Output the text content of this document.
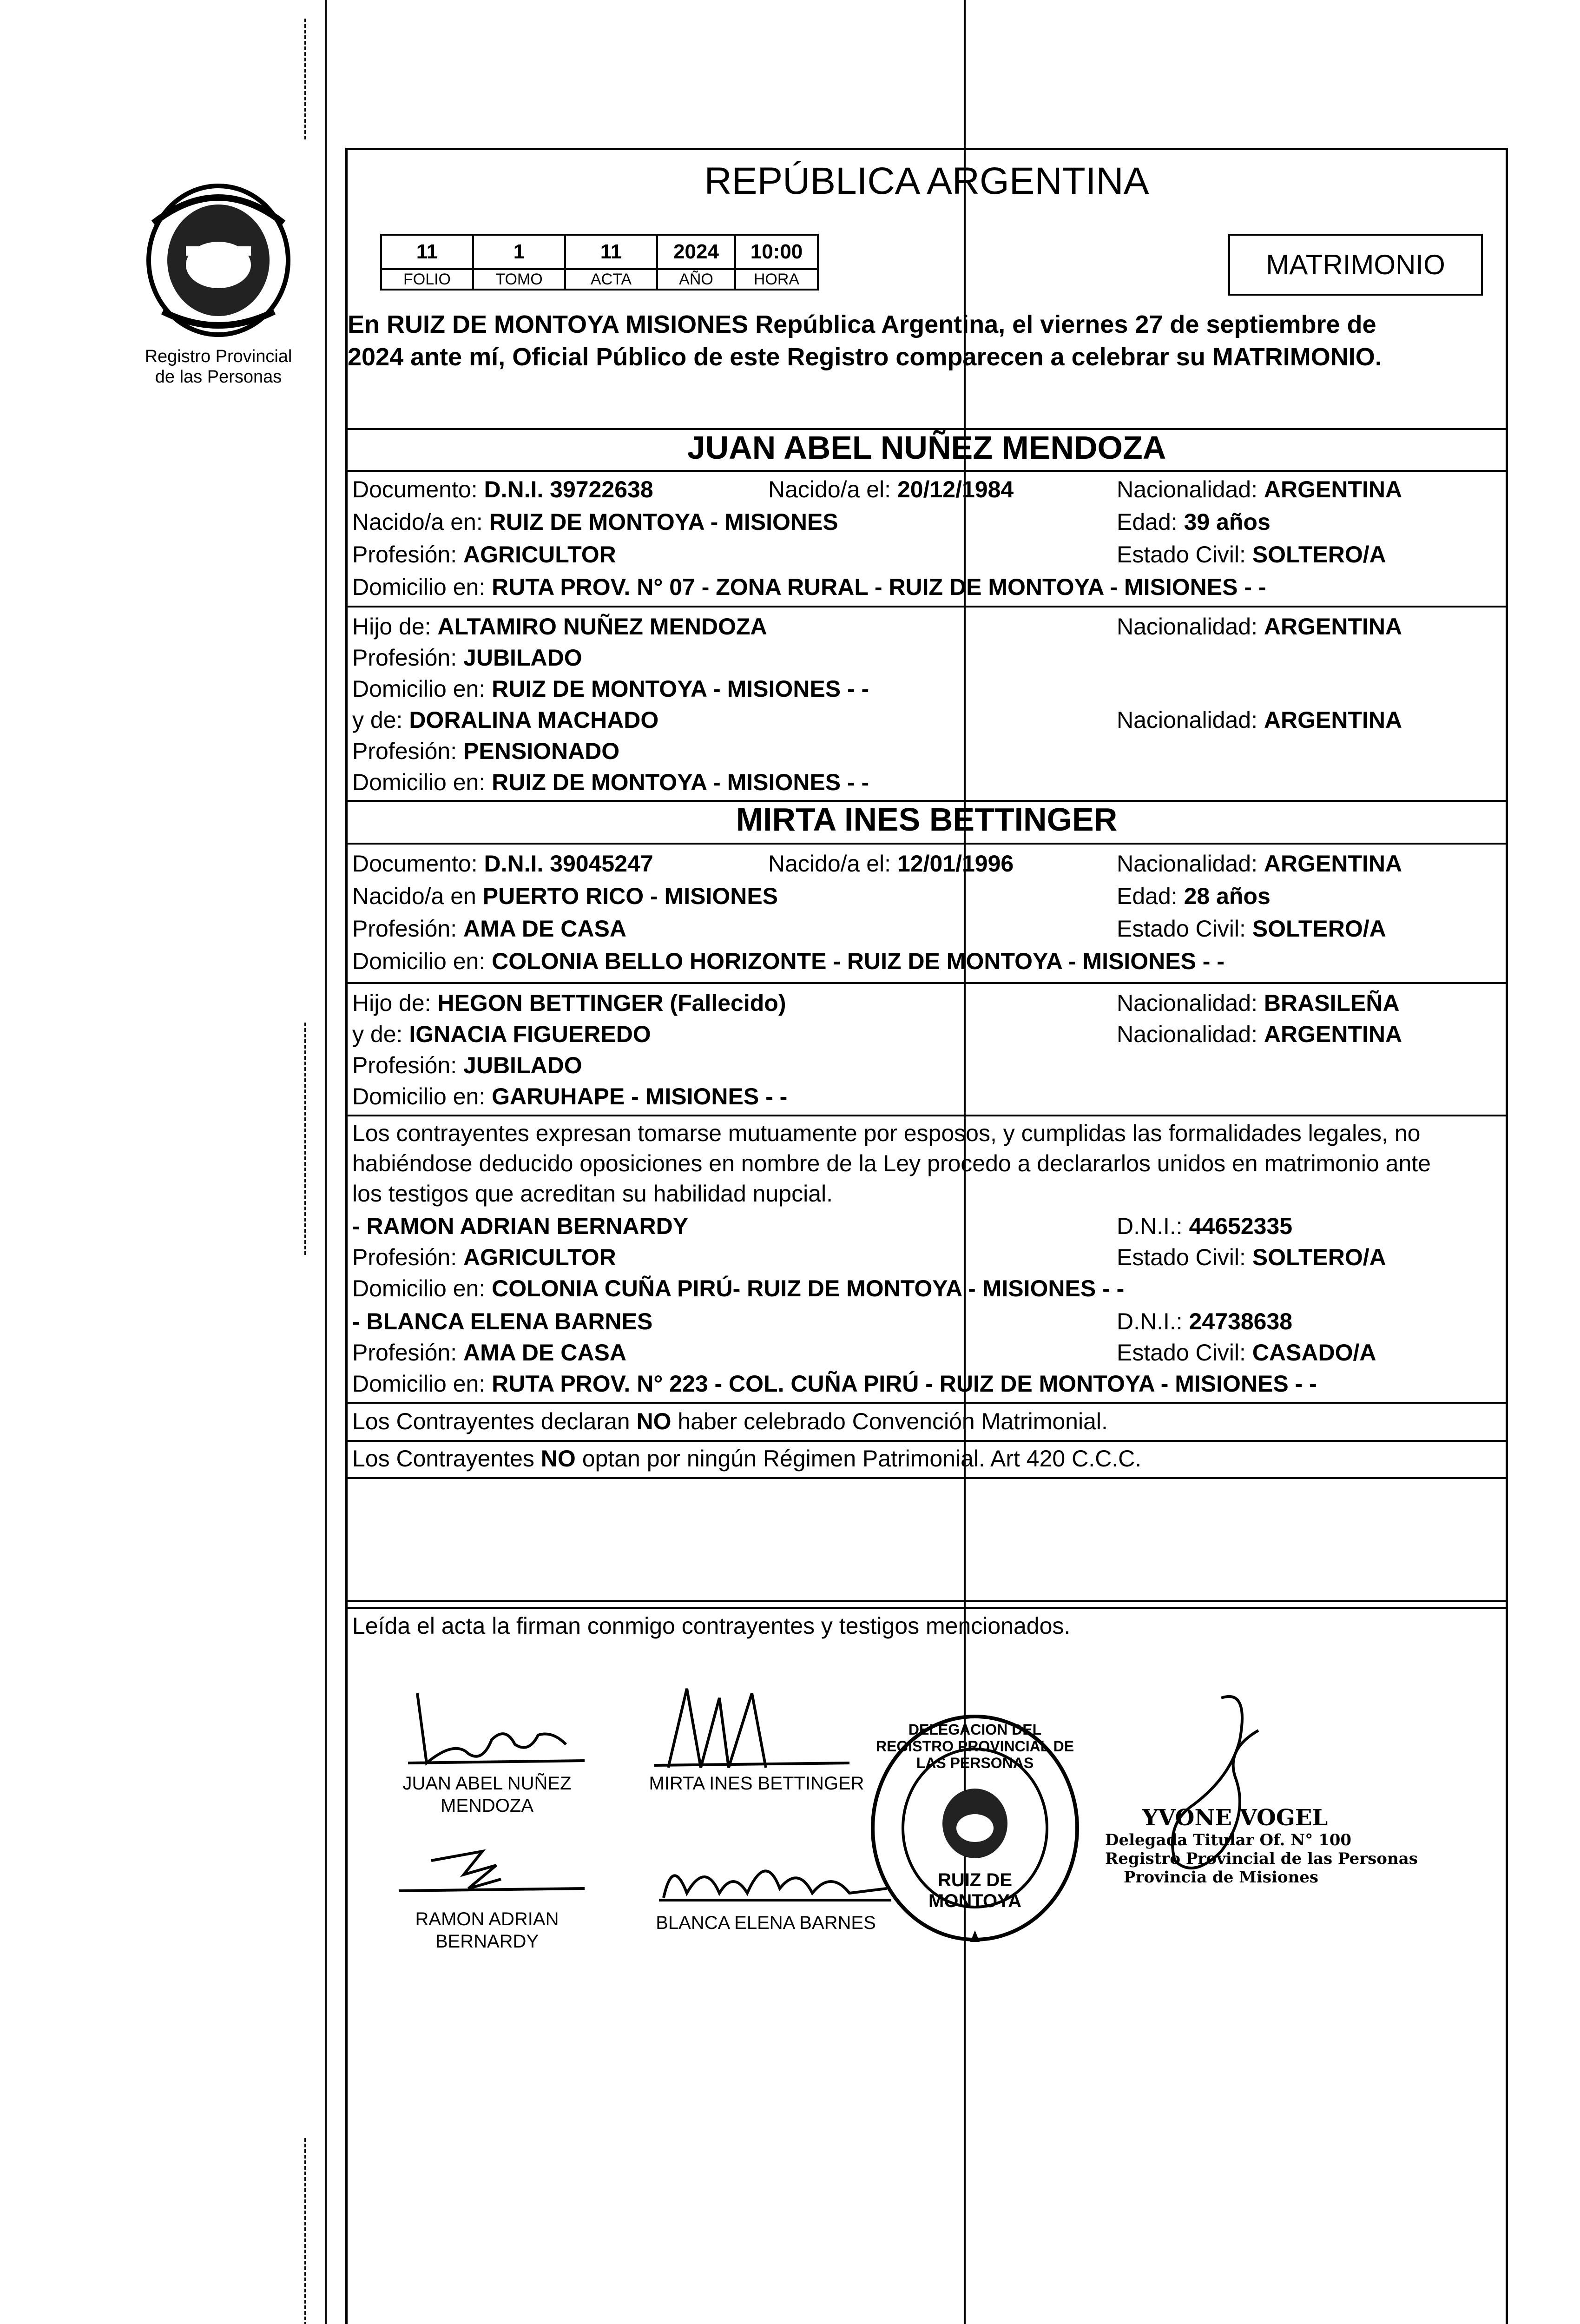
Registro Provincial
de las Personas
REPÚBLICA ARGENTINA
11	1	11	2024	10:00
FOLIO	TOMO	ACTA	AÑO	HORA	MATRIMONIO
En RUIZ DE MONTOYA MISIONES República Argentina, el viernes 27 de septiembre de
2024 ante mí, Oficial Público de este Registro comparecen a celebrar su MATRIMONIO.
JUAN ABEL NUÑEZ MENDOZA
Documento: D.N.I. 39722638	Nacido/a el: 20/12/1984	Nacionalidad: ARGENTINA
Nacido/a en: RUIZ DE MONTOYA - MISIONES	Edad: 39 años
Profesión: AGRICULTOR	Estado Civil: SOLTERO/A
Domicilio en: RUTA PROV. N° 07 - ZONA RURAL - RUIZ DE MONTOYA - MISIONES - -
Hijo de: ALTAMIRO NUÑEZ MENDOZA	Nacionalidad: ARGENTINA
Profesión: JUBILADO
Domicilio en: RUIZ DE MONTOYA - MISIONES - -
y de: DORALINA MACHADO	Nacionalidad: ARGENTINA
Profesión: PENSIONADO
Domicilio en: RUIZ DE MONTOYA - MISIONES - -
MIRTA INES BETTINGER
Documento: D.N.I. 39045247	Nacido/a el: 12/01/1996	Nacionalidad: ARGENTINA
Nacido/a en PUERTO RICO - MISIONES	Edad: 28 años
Profesión: AMA DE CASA	Estado Civil: SOLTERO/A
Domicilio en: COLONIA BELLO HORIZONTE - RUIZ DE MONTOYA - MISIONES - -
Hijo de: HEGON BETTINGER (Fallecido)	Nacionalidad: BRASILEÑA
y de: IGNACIA FIGUEREDO	Nacionalidad: ARGENTINA
Profesión: JUBILADO
Domicilio en: GARUHAPE - MISIONES - -
Los contrayentes expresan tomarse mutuamente por esposos, y cumplidas las formalidades legales, no
habiéndose deducido oposiciones en nombre de la Ley procedo a declararlos unidos en matrimonio ante
los testigos que acreditan su habilidad nupcial.
- RAMON ADRIAN BERNARDY	D.N.I.: 44652335
Profesión: AGRICULTOR	Estado Civil: SOLTERO/A
Domicilio en: COLONIA CUÑA PIRÚ- RUIZ DE MONTOYA - MISIONES - -
- BLANCA ELENA BARNES	D.N.I.: 24738638
Profesión: AMA DE CASA	Estado Civil: CASADO/A
Domicilio en: RUTA PROV. N° 223 - COL. CUÑA PIRÚ - RUIZ DE MONTOYA - MISIONES - -
Los Contrayentes declaran NO haber celebrado Convención Matrimonial.
Los Contrayentes NO optan por ningún Régimen Patrimonial. Art 420 C.C.C.
Leída el acta la firman conmigo contrayentes y testigos mencionados.
JUAN ABEL NUÑEZ
MENDOZA
MIRTA INES BETTINGER
RAMON ADRIAN
BERNARDY
BLANCA ELENA BARNES
DELEGACION DEL REGISTRO PROVINCIAL DE LAS PERSONAS
RUIZ DE MONTOYA
YVONE VOGEL
Delegada Titular Of. N° 100
Registro Provincial de las Personas
Provincia de Misiones
